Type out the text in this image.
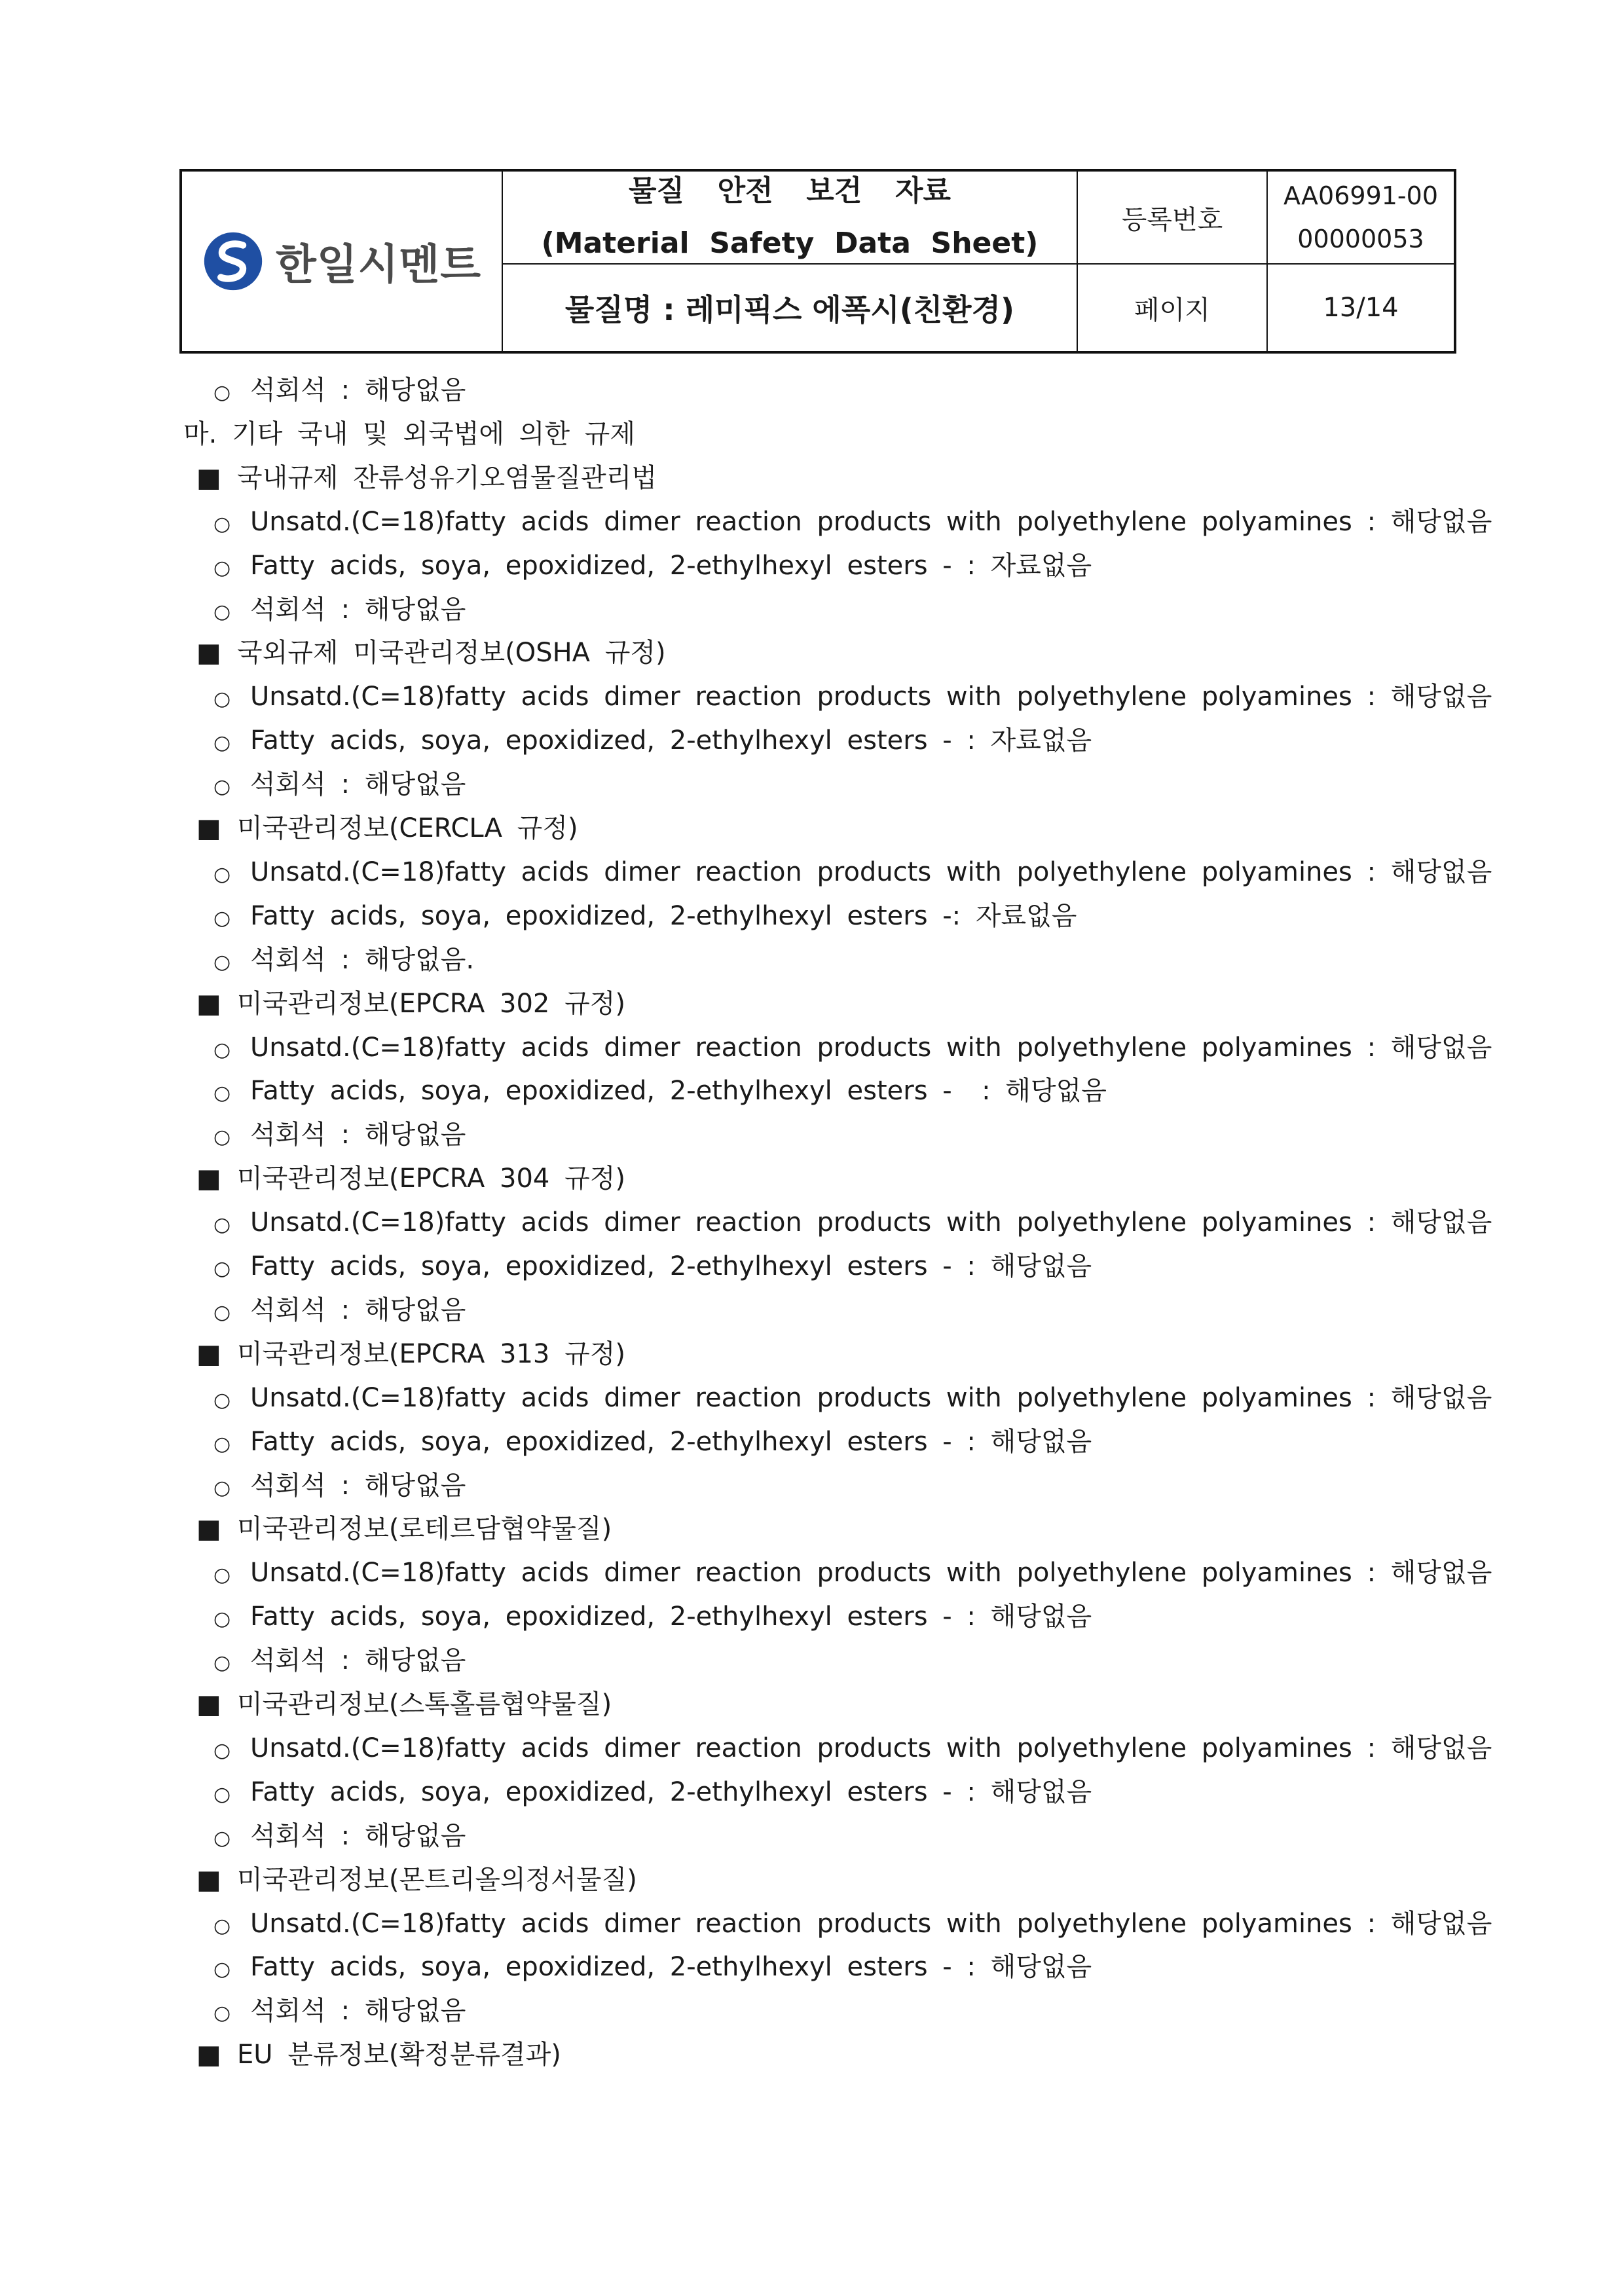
한일시멘트
물질  안전  보건  자료
(Material  Safety  Data  Sheet)
물질명 : 레미픽스 에폭시(친환경)
등록번호
AA06991-00
00000053
페이지	13/14
○ 석회석 : 해당없음
마. 기타 국내 및 외국법에 의한 규제
■ 국내규제 잔류성유기오염물질관리법
○ Unsatd.(C=18)fatty acids dimer reaction products with polyethylene polyamines : 해당없음
○ Fatty acids, soya, epoxidized, 2-ethylhexyl esters - : 자료없음
○ 석회석 : 해당없음
■ 국외규제 미국관리정보(OSHA 규정)
○ Unsatd.(C=18)fatty acids dimer reaction products with polyethylene polyamines : 해당없음
○ Fatty acids, soya, epoxidized, 2-ethylhexyl esters - : 자료없음
○ 석회석 : 해당없음
■ 미국관리정보(CERCLA 규정)
○ Unsatd.(C=18)fatty acids dimer reaction products with polyethylene polyamines : 해당없음
○ Fatty acids, soya, epoxidized, 2-ethylhexyl esters -: 자료없음
○ 석회석 : 해당없음.
■ 미국관리정보(EPCRA 302 규정)
○ Unsatd.(C=18)fatty acids dimer reaction products with polyethylene polyamines : 해당없음
○ Fatty acids, soya, epoxidized, 2-ethylhexyl esters -  : 해당없음
○ 석회석 : 해당없음
■ 미국관리정보(EPCRA 304 규정)
○ Unsatd.(C=18)fatty acids dimer reaction products with polyethylene polyamines : 해당없음
○ Fatty acids, soya, epoxidized, 2-ethylhexyl esters - : 해당없음
○ 석회석 : 해당없음
■ 미국관리정보(EPCRA 313 규정)
○ Unsatd.(C=18)fatty acids dimer reaction products with polyethylene polyamines : 해당없음
○ Fatty acids, soya, epoxidized, 2-ethylhexyl esters - : 해당없음
○ 석회석 : 해당없음
■ 미국관리정보(로테르담협약물질)
○ Unsatd.(C=18)fatty acids dimer reaction products with polyethylene polyamines : 해당없음
○ Fatty acids, soya, epoxidized, 2-ethylhexyl esters - : 해당없음
○ 석회석 : 해당없음
■ 미국관리정보(스톡홀름협약물질)
○ Unsatd.(C=18)fatty acids dimer reaction products with polyethylene polyamines : 해당없음
○ Fatty acids, soya, epoxidized, 2-ethylhexyl esters - : 해당없음
○ 석회석 : 해당없음
■ 미국관리정보(몬트리올의정서물질)
○ Unsatd.(C=18)fatty acids dimer reaction products with polyethylene polyamines : 해당없음
○ Fatty acids, soya, epoxidized, 2-ethylhexyl esters - : 해당없음
○ 석회석 : 해당없음
■ EU 분류정보(확정분류결과)
